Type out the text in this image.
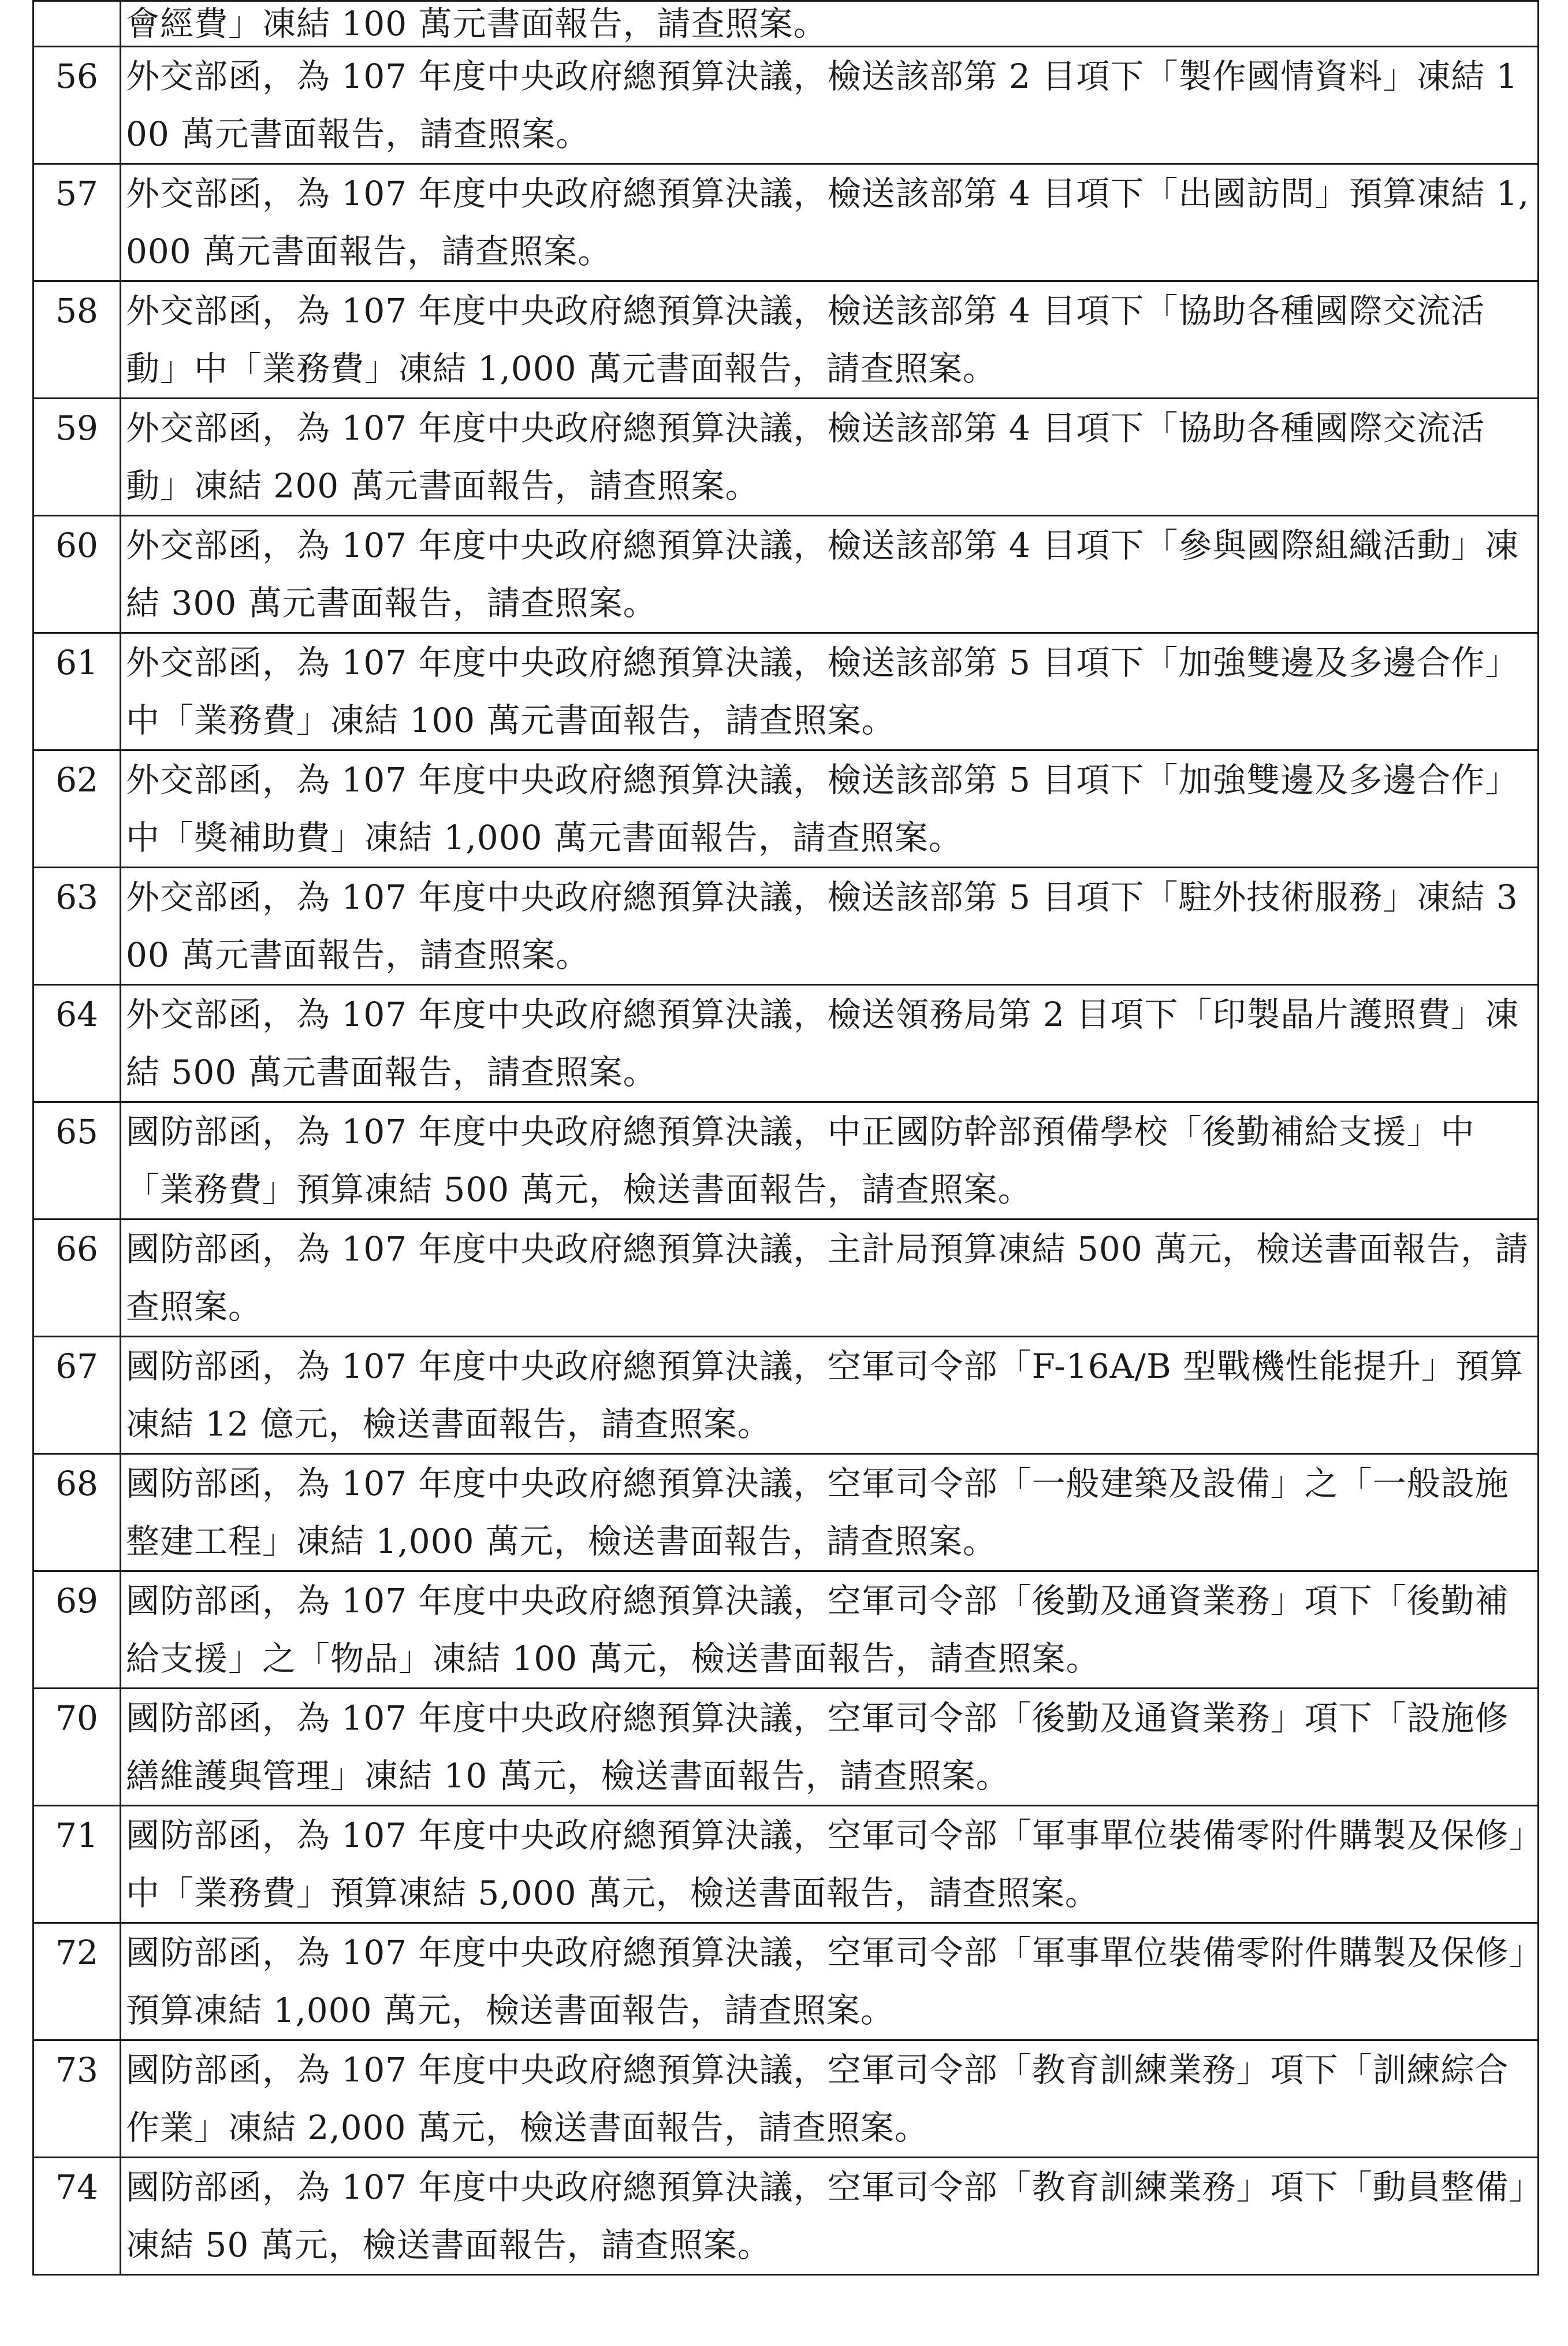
	會經費」凍結 100 萬元書面報告，請查照案。

56	外交部函，為 107 年度中央政府總預算決議，檢送該部第 2 目項下「製作國情資料」凍結 100 萬元書面報告，請查照案。

57	外交部函，為 107 年度中央政府總預算決議，檢送該部第 4 目項下「出國訪問」預算凍結 1,000 萬元書面報告，請查照案。

58	外交部函，為 107 年度中央政府總預算決議，檢送該部第 4 目項下「協助各種國際交流活動」中「業務費」凍結 1,000 萬元書面報告，請查照案。

59	外交部函，為 107 年度中央政府總預算決議，檢送該部第 4 目項下「協助各種國際交流活動」凍結 200 萬元書面報告，請查照案。

60	外交部函，為 107 年度中央政府總預算決議，檢送該部第 4 目項下「參與國際組織活動」凍結 300 萬元書面報告，請查照案。

61	外交部函，為 107 年度中央政府總預算決議，檢送該部第 5 目項下「加強雙邊及多邊合作」中「業務費」凍結 100 萬元書面報告，請查照案。

62	外交部函，為 107 年度中央政府總預算決議，檢送該部第 5 目項下「加強雙邊及多邊合作」中「獎補助費」凍結 1,000 萬元書面報告，請查照案。

63	外交部函，為 107 年度中央政府總預算決議，檢送該部第 5 目項下「駐外技術服務」凍結 300 萬元書面報告，請查照案。

64	外交部函，為 107 年度中央政府總預算決議，檢送領務局第 2 目項下「印製晶片護照費」凍結 500 萬元書面報告，請查照案。

65	國防部函，為 107 年度中央政府總預算決議，中正國防幹部預備學校「後勤補給支援」中「業務費」預算凍結 500 萬元，檢送書面報告，請查照案。

66	國防部函，為 107 年度中央政府總預算決議，主計局預算凍結 500 萬元，檢送書面報告，請查照案。

67	國防部函，為 107 年度中央政府總預算決議，空軍司令部「F-16A/B 型戰機性能提升」預算凍結 12 億元，檢送書面報告，請查照案。

68	國防部函，為 107 年度中央政府總預算決議，空軍司令部「一般建築及設備」之「一般設施整建工程」凍結 1,000 萬元，檢送書面報告，請查照案。

69	國防部函，為 107 年度中央政府總預算決議，空軍司令部「後勤及通資業務」項下「後勤補給支援」之「物品」凍結 100 萬元，檢送書面報告，請查照案。

70	國防部函，為 107 年度中央政府總預算決議，空軍司令部「後勤及通資業務」項下「設施修繕維護與管理」凍結 10 萬元，檢送書面報告，請查照案。

71	國防部函，為 107 年度中央政府總預算決議，空軍司令部「軍事單位裝備零附件購製及保修」中「業務費」預算凍結 5,000 萬元，檢送書面報告，請查照案。

72	國防部函，為 107 年度中央政府總預算決議，空軍司令部「軍事單位裝備零附件購製及保修」預算凍結 1,000 萬元，檢送書面報告，請查照案。

73	國防部函，為 107 年度中央政府總預算決議，空軍司令部「教育訓練業務」項下「訓練綜合作業」凍結 2,000 萬元，檢送書面報告，請查照案。

74	國防部函，為 107 年度中央政府總預算決議，空軍司令部「教育訓練業務」項下「動員整備」凍結 50 萬元，檢送書面報告，請查照案。
